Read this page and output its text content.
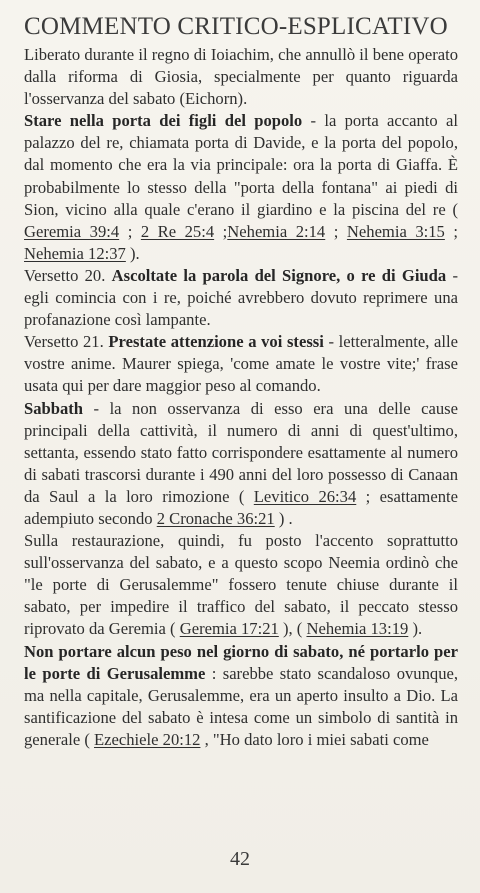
COMMENTO CRITICO-ESPLICATIVO

Liberato durante il regno di Ioiachim, che annullò il bene operato dalla riforma di Giosia, specialmente per quanto riguarda l'osservanza del sabato (Eichorn).

Stare nella porta dei figli del popolo - la porta accanto al palazzo del re, chiamata porta di Davide, e la porta del popolo, dal momento che era la via principale: ora la porta di Giaffa. È probabilmente lo stesso della "porta della fontana" ai piedi di Sion, vicino alla quale c'erano il giardino e la piscina del re ( Geremia 39:4 ; 2 Re 25:4 ;Nehemia 2:14 ; Nehemia 3:15 ; Nehemia 12:37 ).

Versetto 20. Ascoltate la parola del Signore, o re di Giuda - egli comincia con i re, poiché avrebbero dovuto reprimere una profanazione così lampante.

Versetto 21. Prestate attenzione a voi stessi - letteralmente, alle vostre anime. Maurer spiega, 'come amate le vostre vite;' frase usata qui per dare maggior peso al comando.

Sabbath - la non osservanza di esso era una delle cause principali della cattività, il numero di anni di quest'ultimo, settanta, essendo stato fatto corrispondere esattamente al numero di sabati trascorsi durante i 490 anni del loro possesso di Canaan da Saul a la loro rimozione ( Levitico 26:34 ; esattamente adempiuto secondo 2 Cronache 36:21 ) .

Sulla restaurazione, quindi, fu posto l'accento soprattutto sull'osservanza del sabato, e a questo scopo Neemia ordinò che "le porte di Gerusalemme" fossero tenute chiuse durante il sabato, per impedire il traffico del sabato, il peccato stesso riprovato da Geremia ( Geremia 17:21 ), ( Nehemia 13:19 ).

Non portare alcun peso nel giorno di sabato, né portarlo per le porte di Gerusalemme : sarebbe stato scandaloso ovunque, ma nella capitale, Gerusalemme, era un aperto insulto a Dio. La santificazione del sabato è intesa come un simbolo di santità in generale ( Ezechiele 20:12 , "Ho dato loro i miei sabati come

42
